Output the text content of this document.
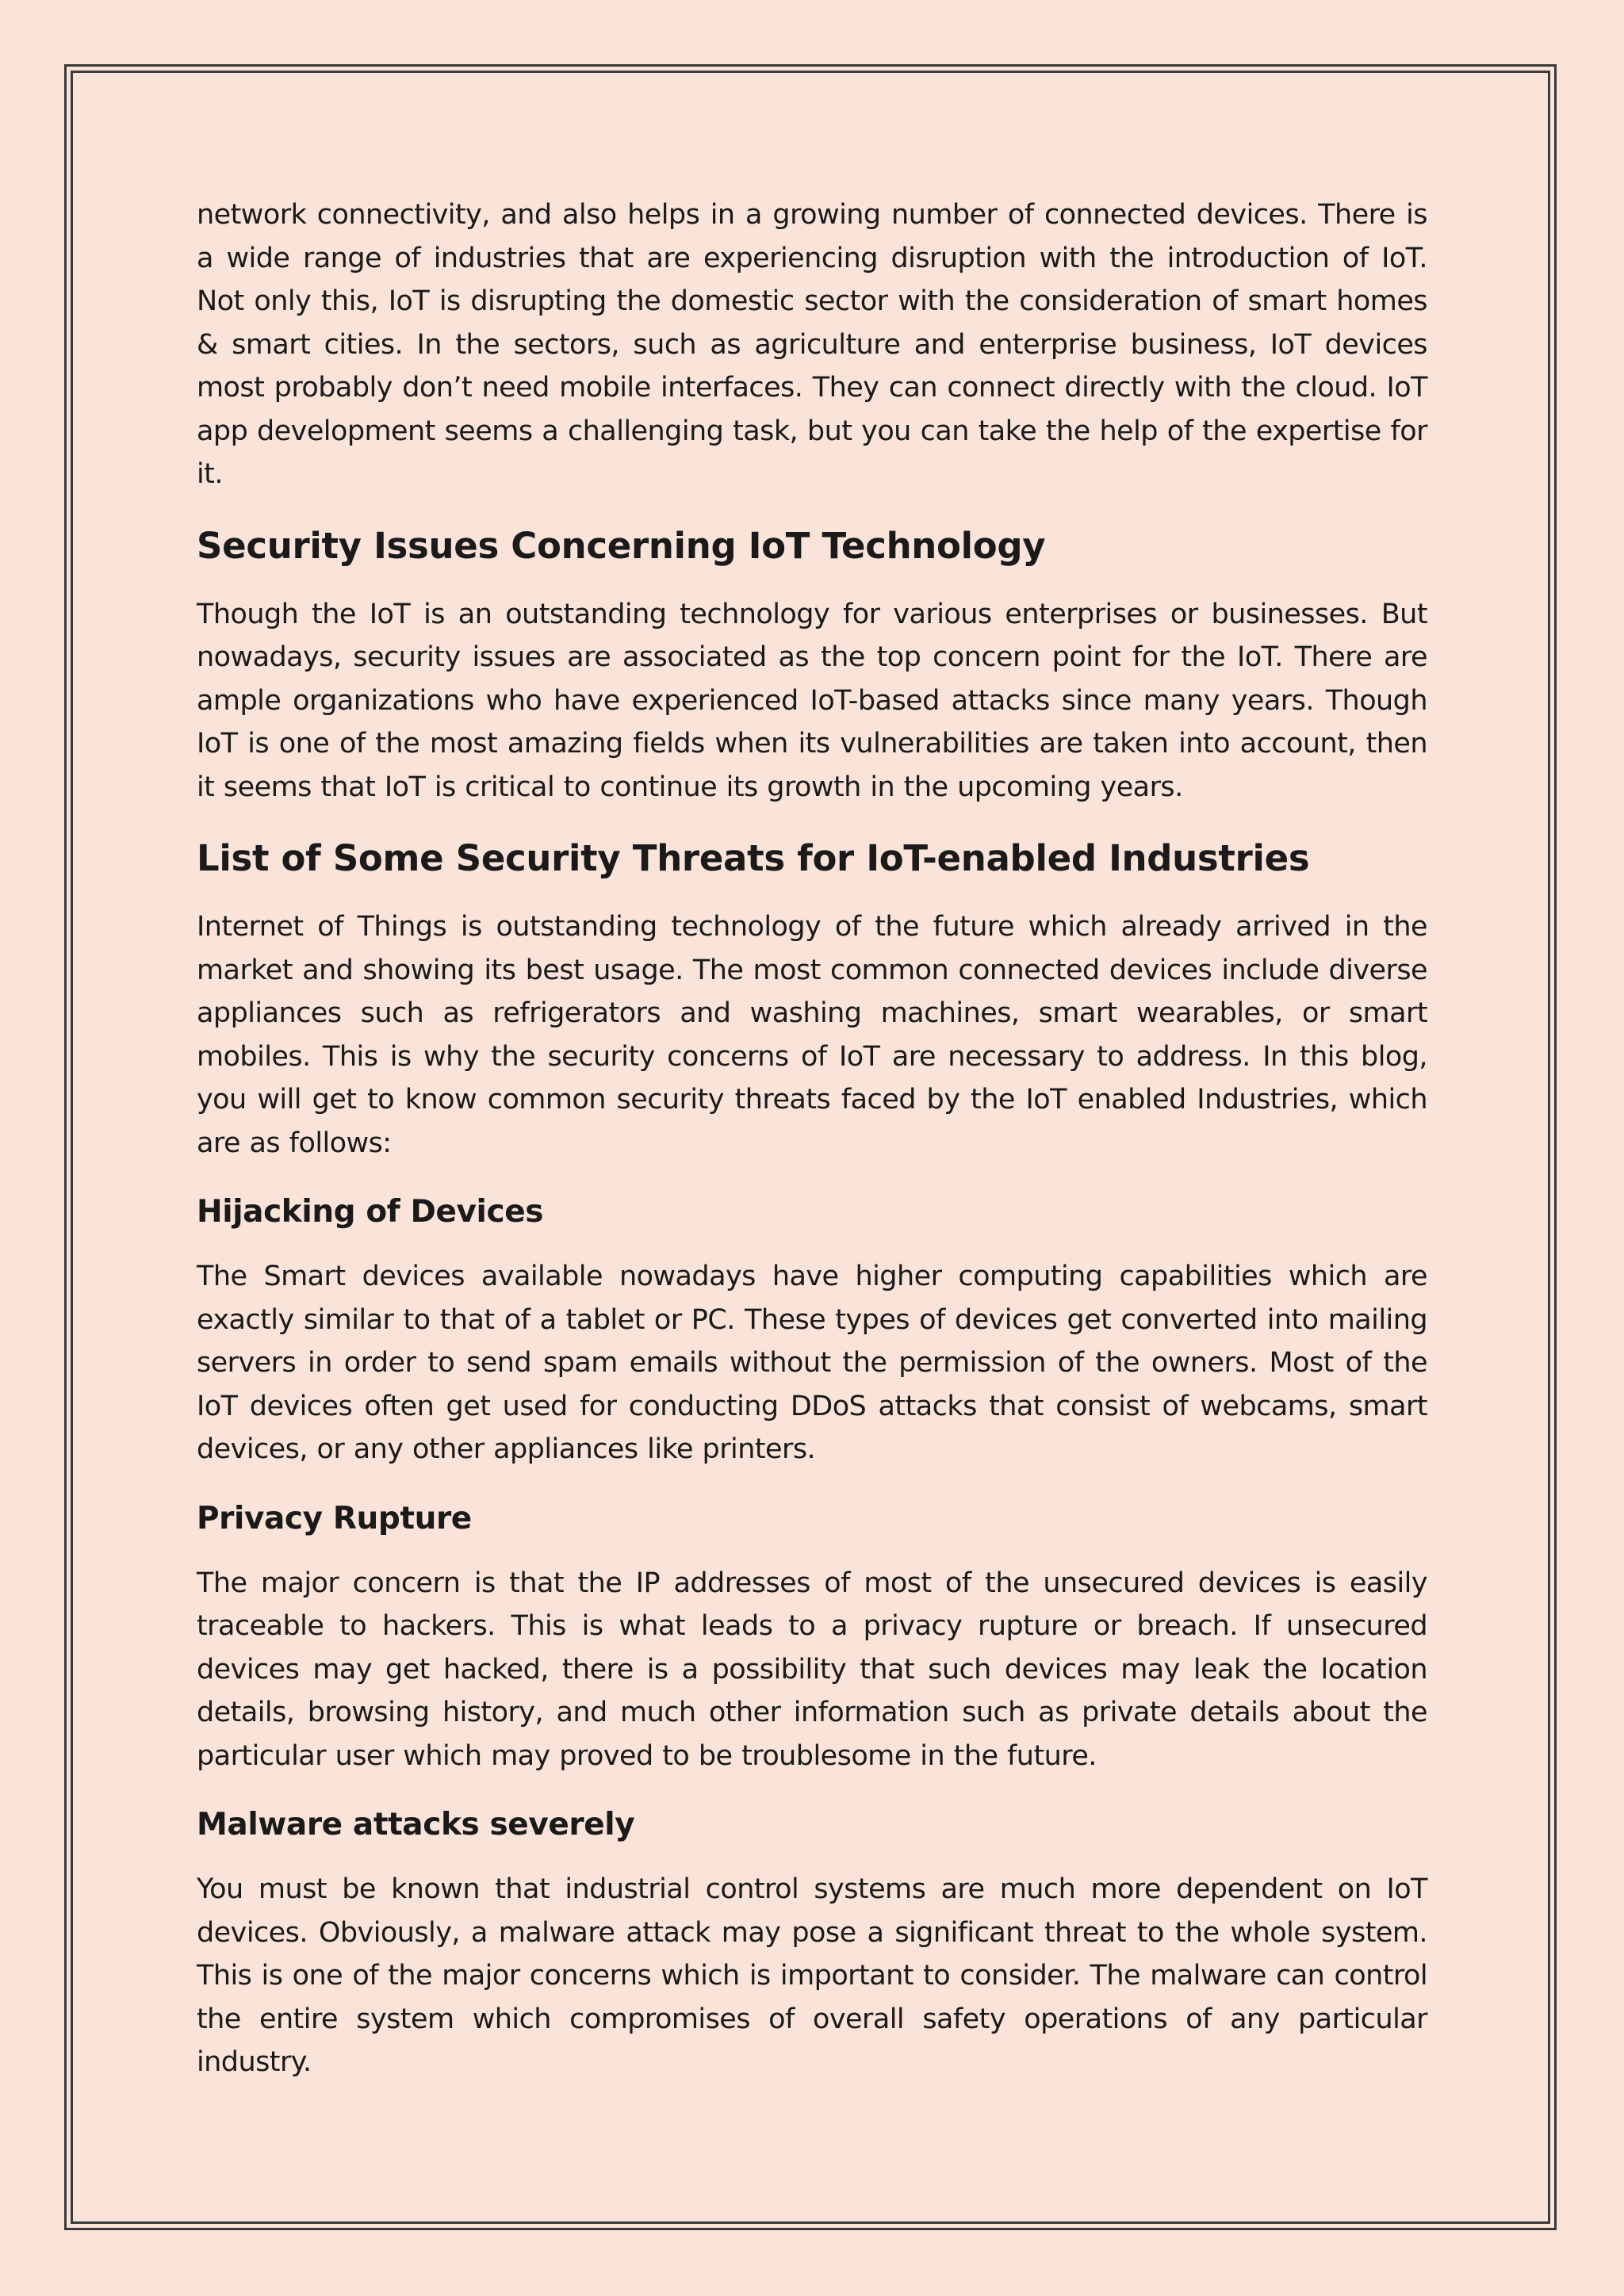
network connectivity, and also helps in a growing number of connected devices. There is a wide range of industries that are experiencing disruption with the introduction of IoT. Not only this, IoT is disrupting the domestic sector with the consideration of smart homes & smart cities. In the sectors, such as agriculture and enterprise business, IoT devices most probably don’t need mobile interfaces. They can connect directly with the cloud. IoT app development seems a challenging task, but you can take the help of the expertise for it.

Security Issues Concerning IoT Technology

Though the IoT is an outstanding technology for various enterprises or businesses. But nowadays, security issues are associated as the top concern point for the IoT. There are ample organizations who have experienced IoT-based attacks since many years. Though IoT is one of the most amazing fields when its vulnerabilities are taken into account, then it seems that IoT is critical to continue its growth in the upcoming years.

List of Some Security Threats for IoT-enabled Industries

Internet of Things is outstanding technology of the future which already arrived in the market and showing its best usage. The most common connected devices include diverse appliances such as refrigerators and washing machines, smart wearables, or smart mobiles. This is why the security concerns of IoT are necessary to address. In this blog, you will get to know common security threats faced by the IoT enabled Industries, which are as follows:

Hijacking of Devices

The Smart devices available nowadays have higher computing capabilities which are exactly similar to that of a tablet or PC. These types of devices get converted into mailing servers in order to send spam emails without the permission of the owners. Most of the IoT devices often get used for conducting DDoS attacks that consist of webcams, smart devices, or any other appliances like printers.

Privacy Rupture

The major concern is that the IP addresses of most of the unsecured devices is easily traceable to hackers. This is what leads to a privacy rupture or breach. If unsecured devices may get hacked, there is a possibility that such devices may leak the location details, browsing history, and much other information such as private details about the particular user which may proved to be troublesome in the future.

Malware attacks severely

You must be known that industrial control systems are much more dependent on IoT devices. Obviously, a malware attack may pose a significant threat to the whole system. This is one of the major concerns which is important to consider. The malware can control the entire system which compromises of overall safety operations of any particular industry.
